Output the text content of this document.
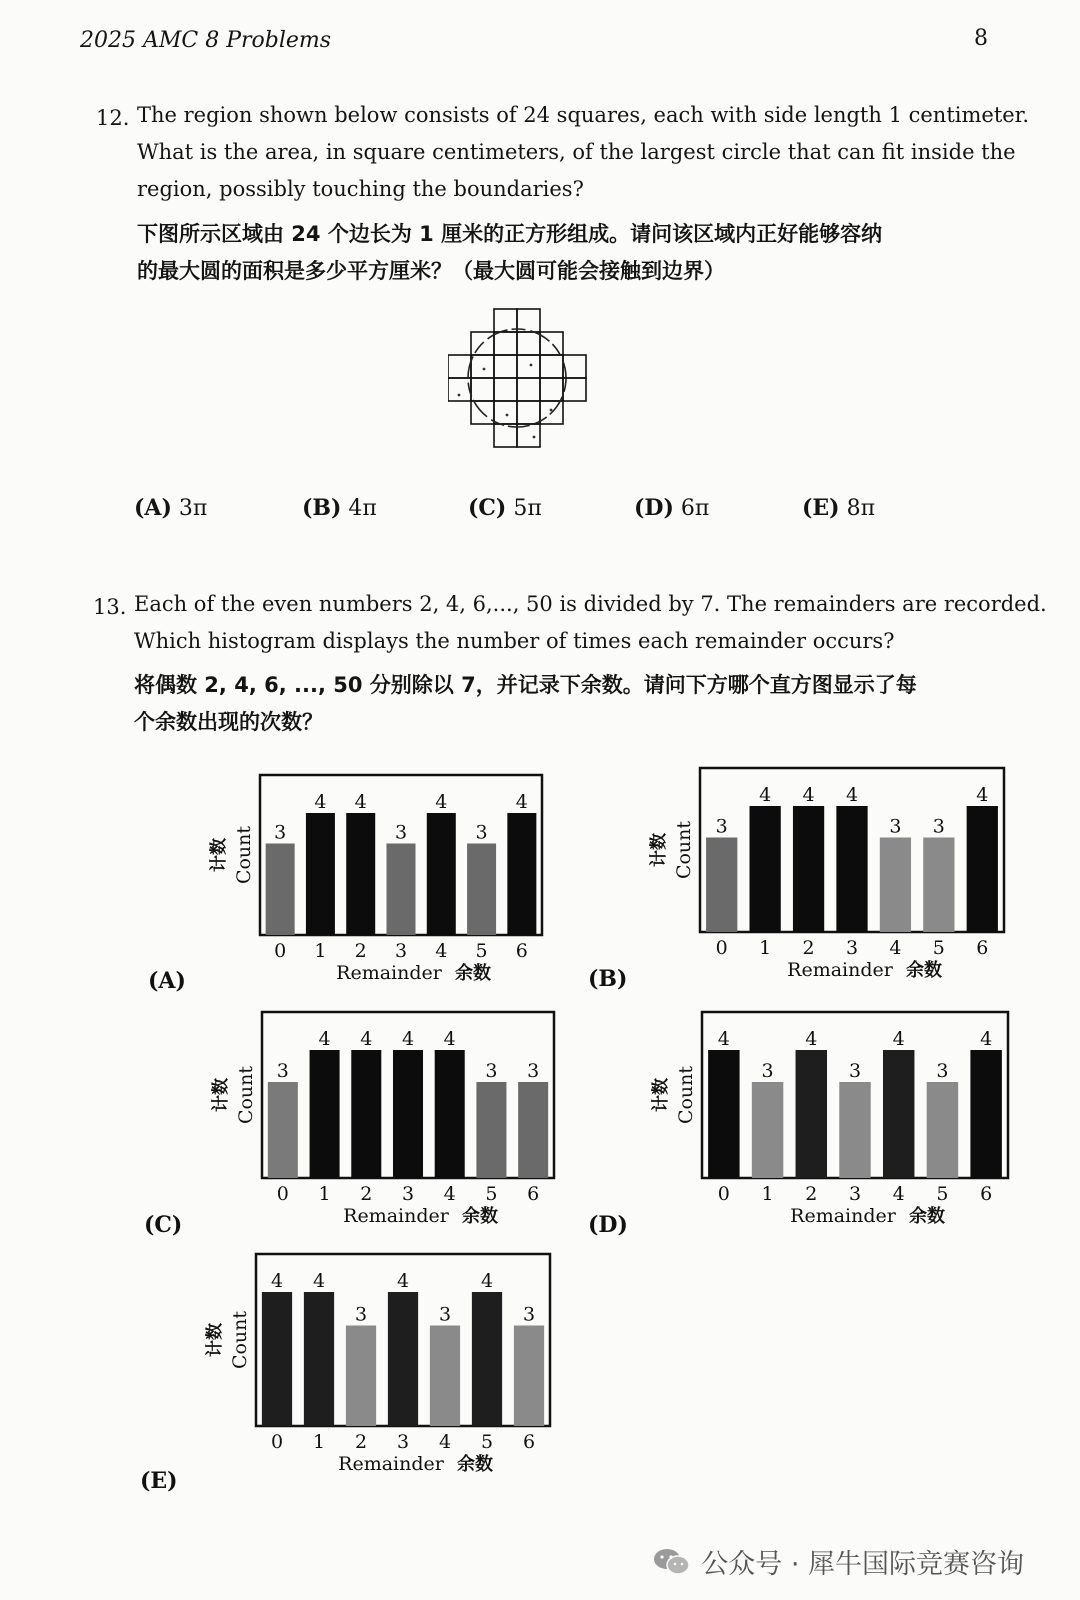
2025 AMC 8 Problems	8
12. The region shown below consists of 24 squares, each with side length 1 centimeter.
What is the area, in square centimeters, of the largest circle that can fit inside the
region, possibly touching the boundaries?
下图所示区域由 24 个边长为 1 厘米的正方形组成。请问该区域内正好能够容纳
的最大圆的面积是多少平方厘米？（最大圆可能会接触到边界）
(A) 3π	(B) 4π	(C) 5π	(D) 6π	(E) 8π
13. Each of the even numbers 2, 4, 6,..., 50 is divided by 7. The remainders are recorded.
Which histogram displays the number of times each remainder occurs?
将偶数 2, 4, 6, ..., 50 分别除以 7，并记录下余数。请问下方哪个直方图显示了每
个余数出现的次数？
3
0
4
1
4
2
3
3
4
4
3
5
4
6
Remainder 余数
计数 Count
(A)
3
0
4
1
4
2
4
3
3
4
3
5
4
6
Remainder 余数
计数 Count
(B)
3
0
4
1
4
2
4
3
4
4
3
5
3
6
Remainder 余数
计数 Count
(C)
4
0
3
1
4
2
3
3
4
4
3
5
4
6
Remainder 余数
计数 Count
(D)
4
0
4
1
3
2
4
3
3
4
4
5
3
6
Remainder 余数
计数 Count
(E)
公众号 · 犀牛国际竞赛咨询
